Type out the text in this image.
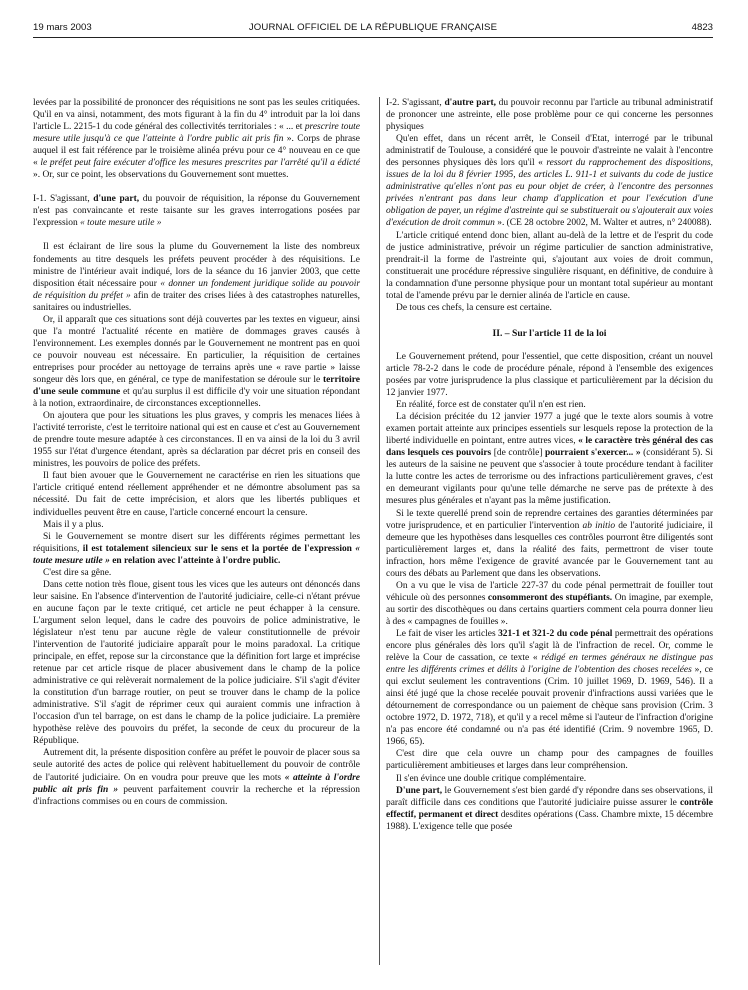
19 mars 2003	JOURNAL OFFICIEL DE LA RÉPUBLIQUE FRANÇAISE	4823

levées par la possibilité de prononcer des réquisitions ne sont pas les seules critiquées. Qu'il en va ainsi, notamment, des mots figurant à la fin du 4° introduit par la loi dans l'article L. 2215-1 du code général des collectivités territoriales : « ... et prescrire toute mesure utile jusqu'à ce que l'atteinte à l'ordre public ait pris fin ». Corps de phrase auquel il est fait référence par le troisième alinéa prévu pour ce 4° nouveau en ce que « le préfet peut faire exécuter d'office les mesures prescrites par l'arrêté qu'il a édicté ». Or, sur ce point, les observations du Gouvernement sont muettes.

I-1. S'agissant, d'une part, du pouvoir de réquisition, la réponse du Gouvernement n'est pas convaincante et reste taisante sur les graves interrogations posées par l'expression « toute mesure utile »

Il est éclairant de lire sous la plume du Gouvernement la liste des nombreux fondements au titre desquels les préfets peuvent procéder à des réquisitions. Le ministre de l'intérieur avait indiqué, lors de la séance du 16 janvier 2003, que cette disposition était nécessaire pour « donner un fondement juridique solide au pouvoir de réquisition du préfet » afin de traiter des crises liées à des catastrophes naturelles, sanitaires ou industrielles.

Or, il apparaît que ces situations sont déjà couvertes par les textes en vigueur, ainsi que l'a montré l'actualité récente en matière de dommages graves causés à l'environnement. Les exemples donnés par le Gouvernement ne montrent pas en quoi ce pouvoir nouveau est nécessaire. En particulier, la réquisition de certaines entreprises pour procéder au nettoyage de terrains après une « rave partie » laisse songeur dès lors que, en général, ce type de manifestation se déroule sur le territoire d'une seule commune et qu'au surplus il est difficile d'y voir une situation répondant à la notion, extraordinaire, de circonstances exceptionnelles.

On ajoutera que pour les situations les plus graves, y compris les menaces liées à l'activité terroriste, c'est le territoire national qui est en cause et c'est au Gouvernement de prendre toute mesure adaptée à ces circonstances. Il en va ainsi de la loi du 3 avril 1955 sur l'état d'urgence étendant, après sa déclaration par décret pris en conseil des ministres, les pouvoirs de police des préfets.

Il faut bien avouer que le Gouvernement ne caractérise en rien les situations que l'article critiqué entend réellement appréhender et ne démontre absolument pas sa nécessité. Du fait de cette imprécision, et alors que les libertés publiques et individuelles peuvent être en cause, l'article concerné encourt la censure.

Mais il y a plus.

Si le Gouvernement se montre disert sur les différents régimes permettant les réquisitions, il est totalement silencieux sur le sens et la portée de l'expression « toute mesure utile » en relation avec l'atteinte à l'ordre public.

C'est dire sa gêne.

Dans cette notion très floue, gisent tous les vices que les auteurs ont dénoncés dans leur saisine. En l'absence d'intervention de l'autorité judiciaire, celle-ci n'étant prévue en aucune façon par le texte critiqué, cet article ne peut échapper à la censure. L'argument selon lequel, dans le cadre des pouvoirs de police administrative, le législateur n'est tenu par aucune règle de valeur constitutionnelle de prévoir l'intervention de l'autorité judiciaire apparaît pour le moins paradoxal. La critique principale, en effet, repose sur la circonstance que la définition fort large et imprécise retenue par cet article risque de placer abusivement dans le champ de la police administrative ce qui relèverait normalement de la police judiciaire. S'il s'agit d'éviter la constitution d'un barrage routier, on peut se trouver dans le champ de la police administrative. S'il s'agit de réprimer ceux qui auraient commis une infraction à l'occasion d'un tel barrage, on est dans le champ de la police judiciaire. La première hypothèse relève des pouvoirs du préfet, la seconde de ceux du procureur de la République.

Autrement dit, la présente disposition confère au préfet le pouvoir de placer sous sa seule autorité des actes de police qui relèvent habituellement du pouvoir de contrôle de l'autorité judiciaire. On en voudra pour preuve que les mots « atteinte à l'ordre public ait pris fin » peuvent parfaitement couvrir la recherche et la répression d'infractions commises ou en cours de commission.

I-2. S'agissant, d'autre part, du pouvoir reconnu par l'article au tribunal administratif de prononcer une astreinte, elle pose problème pour ce qui concerne les personnes physiques

Qu'en effet, dans un récent arrêt, le Conseil d'Etat, interrogé par le tribunal administratif de Toulouse, a considéré que le pouvoir d'astreinte ne valait à l'encontre des personnes physiques dès lors qu'il « ressort du rapprochement des dispositions, issues de la loi du 8 février 1995, des articles L. 911-1 et suivants du code de justice administrative qu'elles n'ont pas eu pour objet de créer, à l'encontre des personnes privées n'entrant pas dans leur champ d'application et pour l'exécution d'une obligation de payer, un régime d'astreinte qui se substituerait ou s'ajouterait aux voies d'exécution de droit commun ». (CE 28 octobre 2002, M. Walter et autres, n° 240088).

L'article critiqué entend donc bien, allant au-delà de la lettre et de l'esprit du code de justice administrative, prévoir un régime particulier de sanction administrative, prendrait-il la forme de l'astreinte qui, s'ajoutant aux voies de droit commun, constituerait une procédure répressive singulière risquant, en définitive, de conduire à la condamnation d'une personne physique pour un montant total supérieur au montant total de l'amende prévu par le dernier alinéa de l'article en cause.

De tous ces chefs, la censure est certaine.

II. – Sur l'article 11 de la loi

Le Gouvernement prétend, pour l'essentiel, que cette disposition, créant un nouvel article 78-2-2 dans le code de procédure pénale, répond à l'ensemble des exigences posées par votre jurisprudence la plus classique et particulièrement par la décision du 12 janvier 1977.

En réalité, force est de constater qu'il n'en est rien.

La décision précitée du 12 janvier 1977 a jugé que le texte alors soumis à votre examen portait atteinte aux principes essentiels sur lesquels repose la protection de la liberté individuelle en pointant, entre autres vices, « le caractère très général des cas dans lesquels ces pouvoirs [de contrôle] pourraient s'exercer... » (considérant 5). Si les auteurs de la saisine ne peuvent que s'associer à toute procédure tendant à faciliter la lutte contre les actes de terrorisme ou des infractions particulièrement graves, c'est en demeurant vigilants pour qu'une telle démarche ne serve pas de prétexte à des mesures plus générales et n'ayant pas la même justification.

Si le texte querellé prend soin de reprendre certaines des garanties déterminées par votre jurisprudence, et en particulier l'intervention ab initio de l'autorité judiciaire, il demeure que les hypothèses dans lesquelles ces contrôles pourront être diligentés sont particulièrement larges et, dans la réalité des faits, permettront de viser toute infraction, hors même l'exigence de gravité avancée par le Gouvernement tant au cours des débats au Parlement que dans les observations.

On a vu que le visa de l'article 227-37 du code pénal permettrait de fouiller tout véhicule où des personnes consommeront des stupéfiants. On imagine, par exemple, au sortir des discothèques ou dans certains quartiers comment cela pourra donner lieu à des « campagnes de fouilles ».

Le fait de viser les articles 321-1 et 321-2 du code pénal permettrait des opérations encore plus générales dès lors qu'il s'agit là de l'infraction de recel. Or, comme le relève la Cour de cassation, ce texte « rédigé en termes généraux ne distingue pas entre les différents crimes et délits à l'origine de l'obtention des choses recelées », ce qui exclut seulement les contraventions (Crim. 10 juillet 1969, D. 1969, 546). Il a ainsi été jugé que la chose recelée pouvait provenir d'infractions aussi variées que le détournement de correspondance ou un paiement de chèque sans provision (Crim. 3 octobre 1972, D. 1972, 718), et qu'il y a recel même si l'auteur de l'infraction d'origine n'a pas encore été condamné ou n'a pas été identifié (Crim. 9 novembre 1965, D. 1966, 65).

C'est dire que cela ouvre un champ pour des campagnes de fouilles particulièrement ambitieuses et larges dans leur compréhension.

Il s'en évince une double critique complémentaire.

D'une part, le Gouvernement s'est bien gardé d'y répondre dans ses observations, il paraît difficile dans ces conditions que l'autorité judiciaire puisse assurer le contrôle effectif, permanent et direct desdites opérations (Cass. Chambre mixte, 15 décembre 1988). L'exigence telle que posée
